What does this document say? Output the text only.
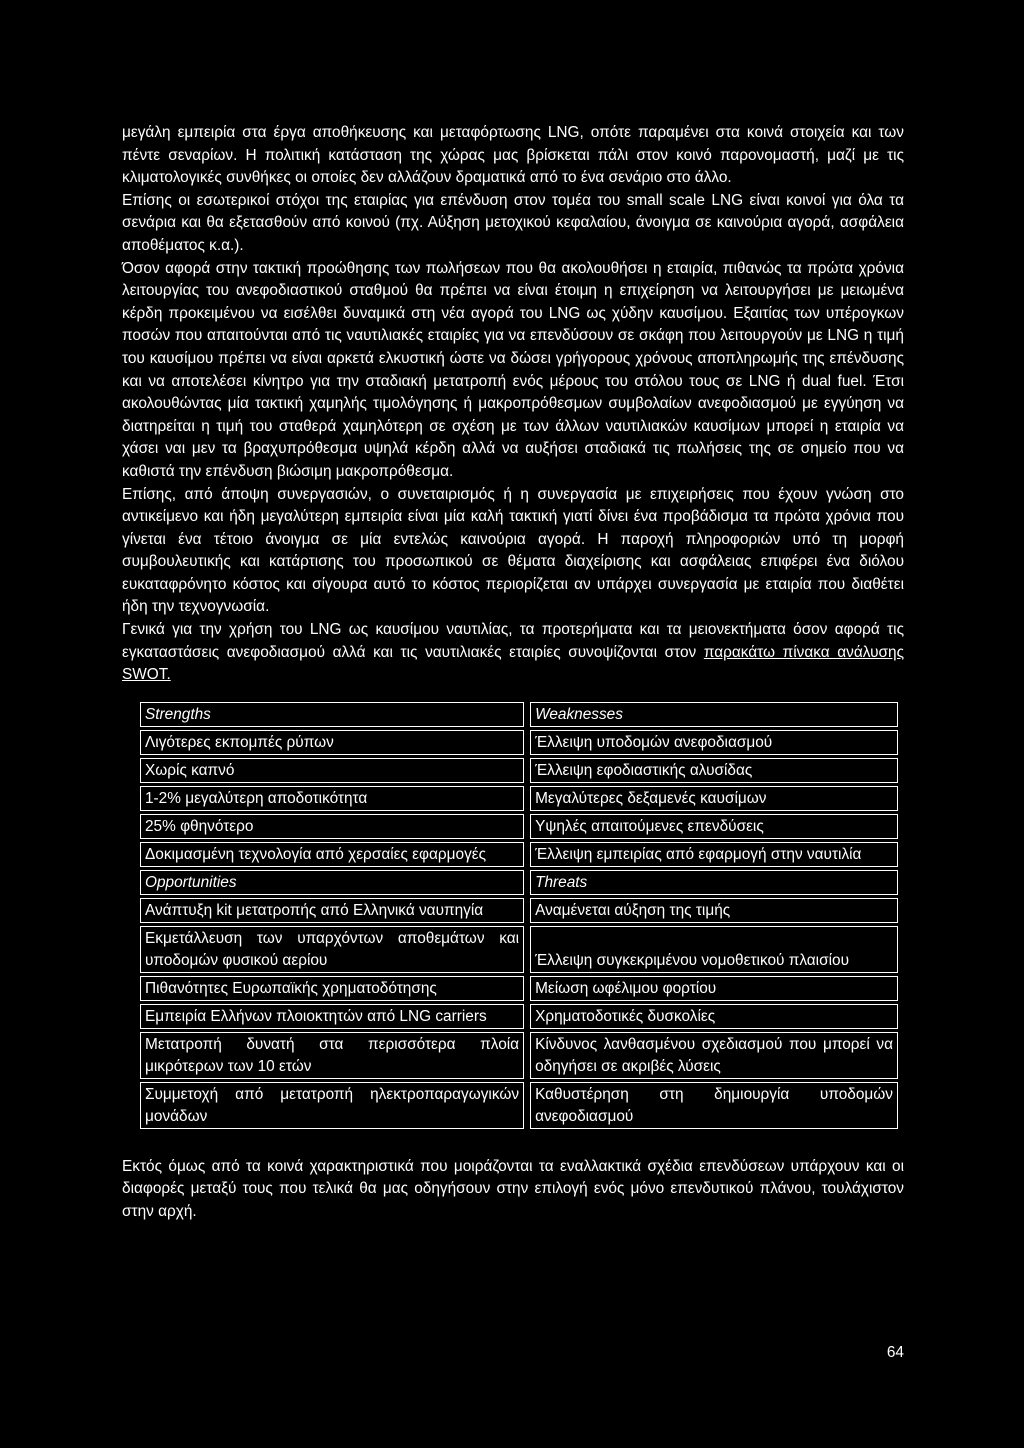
μεγάλη εμπειρία στα έργα αποθήκευσης και μεταφόρτωσης LNG, οπότε παραμένει στα κοινά στοιχεία και των πέντε σεναρίων. Η πολιτική κατάσταση της χώρας μας βρίσκεται πάλι στον κοινό παρονομαστή, μαζί με τις κλιματολογικές συνθήκες οι οποίες δεν αλλάζουν δραματικά από το ένα σενάριο στο άλλο.

Επίσης οι εσωτερικοί στόχοι της εταιρίας για επένδυση στον τομέα του small scale LNG είναι κοινοί για όλα τα σενάρια και θα εξετασθούν από κοινού (πχ. Αύξηση μετοχικού κεφαλαίου, άνοιγμα σε καινούρια αγορά, ασφάλεια αποθέματος κ.α.).

Όσον αφορά στην τακτική προώθησης των πωλήσεων που θα ακολουθήσει η εταιρία, πιθανώς τα πρώτα χρόνια λειτουργίας του ανεφοδιαστικού σταθμού θα πρέπει να είναι έτοιμη η επιχείρηση να λειτουργήσει με μειωμένα κέρδη προκειμένου να εισέλθει δυναμικά στη νέα αγορά του LNG ως χύδην καυσίμου. Εξαιτίας των υπέρογκων ποσών που απαιτούνται από τις ναυτιλιακές εταιρίες για να επενδύσουν σε σκάφη που λειτουργούν με LNG η τιμή του καυσίμου πρέπει να είναι αρκετά ελκυστική ώστε να δώσει γρήγορους χρόνους αποπληρωμής της επένδυσης και να αποτελέσει κίνητρο για την σταδιακή μετατροπή ενός μέρους του στόλου τους σε LNG ή dual fuel. Έτσι ακολουθώντας μία τακτική χαμηλής τιμολόγησης ή μακροπρόθεσμων συμβολαίων ανεφοδιασμού με εγγύηση να διατηρείται η τιμή του σταθερά χαμηλότερη σε σχέση με των άλλων ναυτιλιακών καυσίμων μπορεί η εταιρία να χάσει ναι μεν τα βραχυπρόθεσμα υψηλά κέρδη αλλά να αυξήσει σταδιακά τις πωλήσεις της σε σημείο που να καθιστά την επένδυση βιώσιμη μακροπρόθεσμα.

Επίσης, από άποψη συνεργασιών, ο συνεταιρισμός ή η συνεργασία με επιχειρήσεις που έχουν γνώση στο αντικείμενο και ήδη μεγαλύτερη εμπειρία είναι μία καλή τακτική γιατί δίνει ένα προβάδισμα τα πρώτα χρόνια που γίνεται ένα τέτοιο άνοιγμα σε μία εντελώς καινούρια αγορά. Η παροχή πληροφοριών υπό τη μορφή συμβουλευτικής και κατάρτισης του προσωπικού σε θέματα διαχείρισης και ασφάλειας επιφέρει ένα διόλου ευκαταφρόνητο κόστος και σίγουρα αυτό το κόστος περιορίζεται αν υπάρχει συνεργασία με εταιρία που διαθέτει ήδη την τεχνογνωσία.

Γενικά για την χρήση του LNG ως καυσίμου ναυτιλίας, τα προτερήματα και τα μειονεκτήματα όσον αφορά τις εγκαταστάσεις ανεφοδιασμού αλλά και τις ναυτιλιακές εταιρίες συνοψίζονται στον παρακάτω πίνακα ανάλυσης SWOT.

Strengths	Weaknesses
Λιγότερες εκπομπές ρύπων	Έλλειψη υποδομών ανεφοδιασμού
Χωρίς καπνό	Έλλειψη εφοδιαστικής αλυσίδας
1-2% μεγαλύτερη αποδοτικότητα	Μεγαλύτερες δεξαμενές καυσίμων
25% φθηνότερο	Υψηλές απαιτούμενες επενδύσεις
Δοκιμασμένη τεχνολογία από χερσαίες εφαρμογές	Έλλειψη εμπειρίας από εφαρμογή στην ναυτιλία
Opportunities	Threats
Ανάπτυξη kit μετατροπής από Ελληνικά ναυπηγία	Αναμένεται αύξηση της τιμής
Εκμετάλλευση των υπαρχόντων αποθεμάτων και υποδομών φυσικού αερίου	Έλλειψη συγκεκριμένου νομοθετικού πλαισίου
Πιθανότητες Ευρωπαϊκής χρηματοδότησης	Μείωση ωφέλιμου φορτίου
Εμπειρία Ελλήνων πλοιοκτητών από LNG carriers	Χρηματοδοτικές δυσκολίες
Μετατροπή δυνατή στα περισσότερα πλοία μικρότερων των 10 ετών	Κίνδυνος λανθασμένου σχεδιασμού που μπορεί να οδηγήσει σε ακριβές λύσεις
Συμμετοχή από μετατροπή ηλεκτροπαραγωγικών μονάδων	Καθυστέρηση στη δημιουργία υποδομών ανεφοδιασμού

Εκτός όμως από τα κοινά χαρακτηριστικά που μοιράζονται τα εναλλακτικά σχέδια επενδύσεων υπάρχουν και οι διαφορές μεταξύ τους που τελικά θα μας οδηγήσουν στην επιλογή ενός μόνο επενδυτικού πλάνου, τουλάχιστον στην αρχή.

64
